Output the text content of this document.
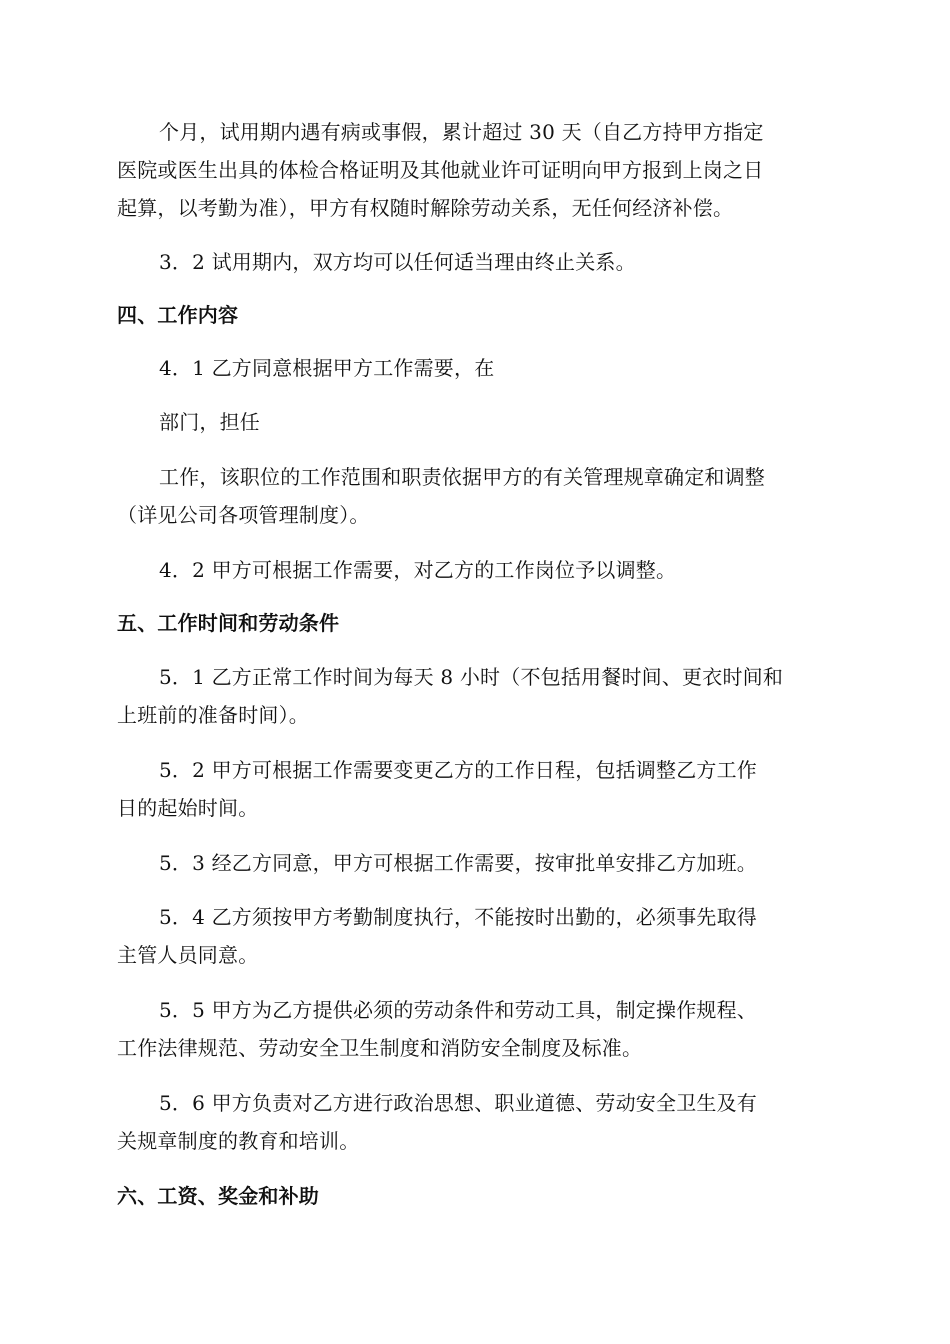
个月，试用期内遇有病或事假，累计超过 30 天（自乙方持甲方指定
医院或医生出具的体检合格证明及其他就业许可证明向甲方报到上岗之日
起算，以考勤为准），甲方有权随时解除劳动关系，无任何经济补偿。
3．2 试用期内，双方均可以任何适当理由终止关系。
四、工作内容
4．1 乙方同意根据甲方工作需要，在
部门，担任
工作，该职位的工作范围和职责依据甲方的有关管理规章确定和调整
（详见公司各项管理制度）。
4．2 甲方可根据工作需要，对乙方的工作岗位予以调整。
五、工作时间和劳动条件
5．1 乙方正常工作时间为每天 8 小时（不包括用餐时间、更衣时间和
上班前的准备时间）。
5．2 甲方可根据工作需要变更乙方的工作日程，包括调整乙方工作
日的起始时间。
5．3 经乙方同意，甲方可根据工作需要，按审批单安排乙方加班。
5．4 乙方须按甲方考勤制度执行，不能按时出勤的，必须事先取得
主管人员同意。
5．5 甲方为乙方提供必须的劳动条件和劳动工具，制定操作规程、
工作法律规范、劳动安全卫生制度和消防安全制度及标准。
5．6 甲方负责对乙方进行政治思想、职业道德、劳动安全卫生及有
关规章制度的教育和培训。
六、工资、奖金和补助
